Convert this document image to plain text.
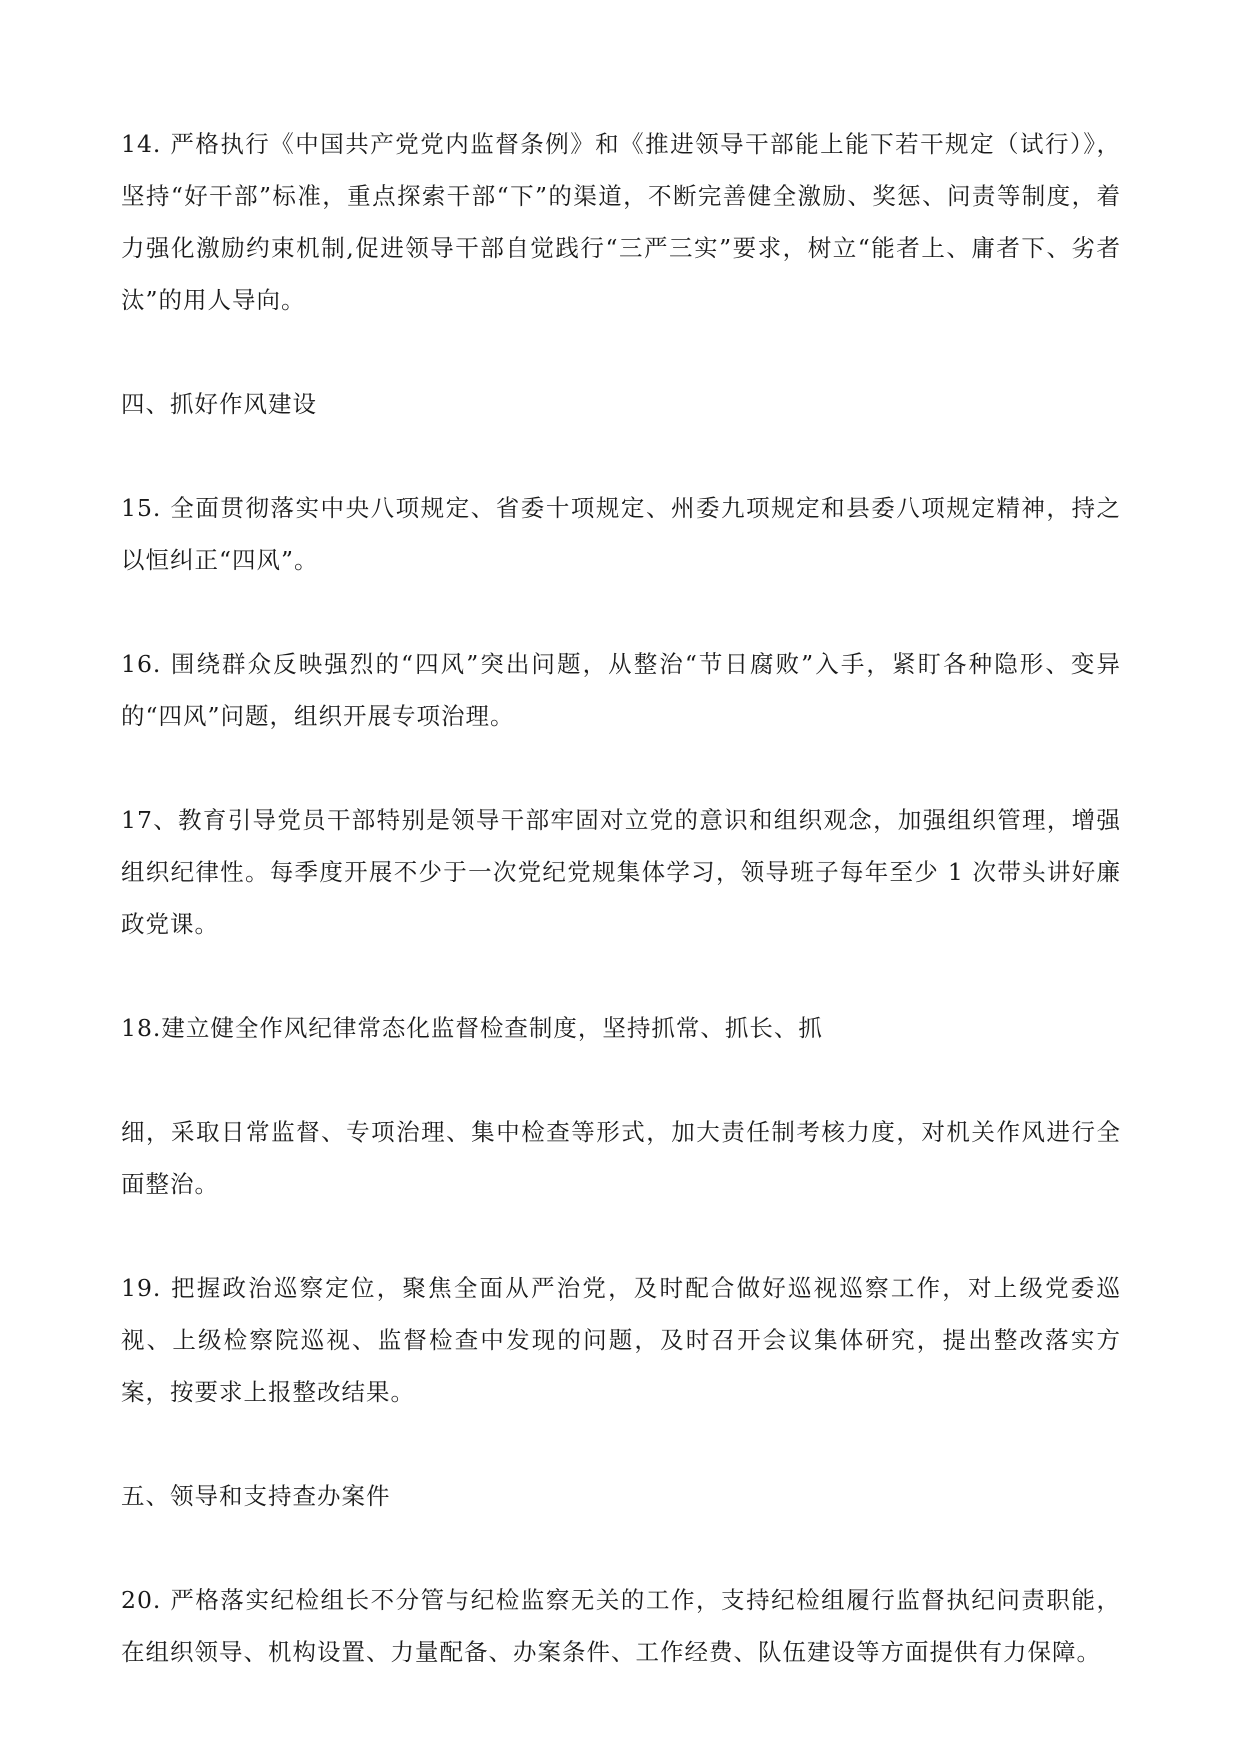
14. 严格执行《中国共产党党内监督条例》和《推进领导干部能上能下若干规定（试行）》，坚持“好干部”标准，重点探索干部“下”的渠道，不断完善健全激励、奖惩、问责等制度，着力强化激励约束机制,促进领导干部自觉践行“三严三实”要求，树立“能者上、庸者下、劣者汰”的用人导向。

四、抓好作风建设

15. 全面贯彻落实中央八项规定、省委十项规定、州委九项规定和县委八项规定精神，持之以恒纠正“四风”。

16. 围绕群众反映强烈的“四风”突出问题，从整治“节日腐败”入手，紧盯各种隐形、变异的“四风”问题，组织开展专项治理。

17、教育引导党员干部特别是领导干部牢固对立党的意识和组织观念，加强组织管理，增强组织纪律性。每季度开展不少于一次党纪党规集体学习，领导班子每年至少 1 次带头讲好廉政党课。

18.建立健全作风纪律常态化监督检查制度，坚持抓常、抓长、抓

细，采取日常监督、专项治理、集中检查等形式，加大责任制考核力度，对机关作风进行全面整治。

19. 把握政治巡察定位，聚焦全面从严治党，及时配合做好巡视巡察工作，对上级党委巡视、上级检察院巡视、监督检查中发现的问题，及时召开会议集体研究，提出整改落实方案，按要求上报整改结果。

五、领导和支持查办案件

20. 严格落实纪检组长不分管与纪检监察无关的工作，支持纪检组履行监督执纪问责职能，在组织领导、机构设置、力量配备、办案条件、工作经费、队伍建设等方面提供有力保障。
